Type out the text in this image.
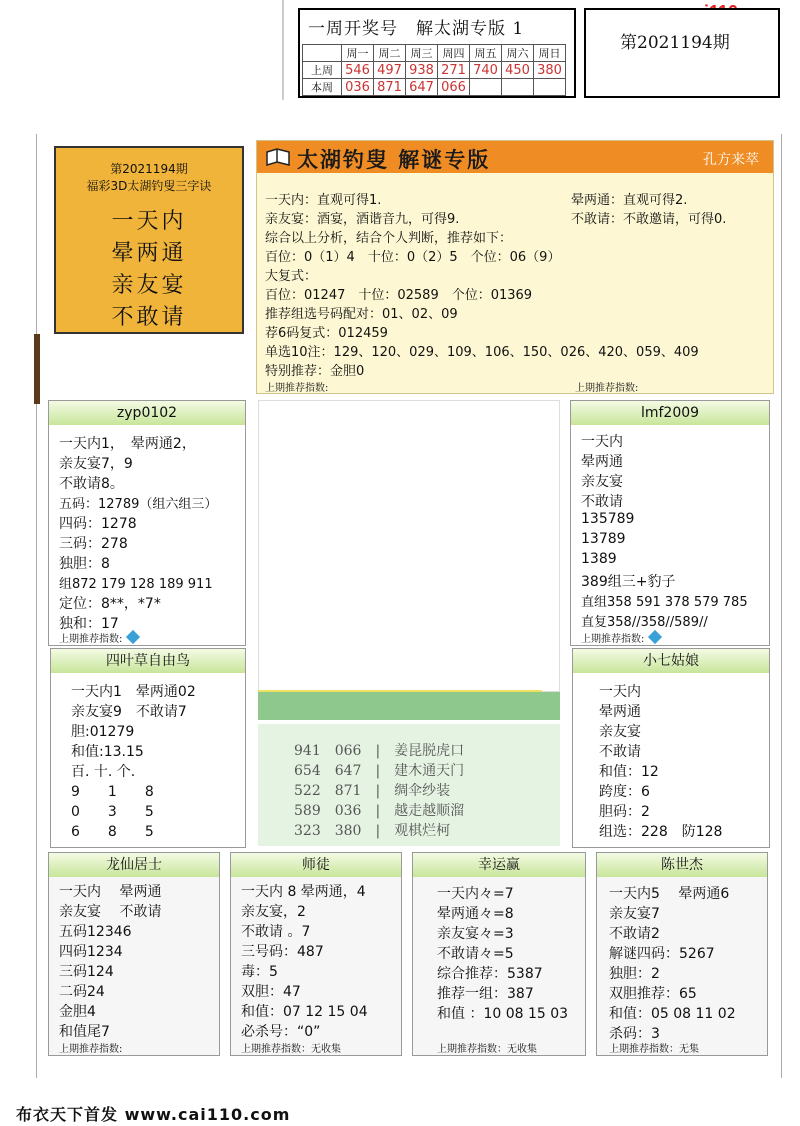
一周开奖号　解太湖专版 1
	周一	周二	周三	周四	周五	周六	周日
上周	546	497	938	271	740	450	380
本周	036	871	647	066			
第2021194期
第2021194期
福彩3D太湖钓叟三字诀
一天内
晕两通
亲友宴
不敢请
太湖钓叟 解谜专版	孔方来萃
一天内：直观可得1.
亲友宴：酒宴，酒谐音九，可得9.
综合以上分析，结合个人判断，推荐如下：
百位：0（1）4　十位：0（2）5　个位：06（9）
大复式：
百位：01247　十位：02589　个位：01369
推荐组选号码配对：01、02、09
荐6码复式：012459
单选10注：129、120、029、109、106、150、026、420、059、409
特别推荐：金胆0
晕两通：直观可得2.
不敢请：不敢邀请，可得0.
上期推荐指数:	上期推荐指数:
zyp0102
一天内1，　晕两通2，
亲友宴7，9
不敢请8。
五码：12789（组六组三）
四码：1278
三码：278
独胆：8
组872 179 128 189 911
定位：8**，*7*
独和：17
上期推荐指数:
lmf2009
一天内
晕两通
亲友宴
不敢请
135789
13789
1389
389组三+豹子
直组358 591 378 579 785
直复358//358//589//
上期推荐指数:
四叶草自由鸟
一天内1　晕两通02
亲友宴9　不敢请7
胆:01279
和值:13.15
百. 十. 个.
9　　1　　8
0　　3　　5
6　　8　　5
941　066　|　姜昆脱虎口
654　647　|　建木通天门
522　871　|　绸伞纱装
589　036　|　越走越顺溜
323　380　|　观棋烂柯
小七姑娘
一天内
晕两通
亲友宴
不敢请
和值：12
跨度：6
胆码：2
组选：228　防128
龙仙居士
一天内　 晕两通
亲友宴　 不敢请
五码12346
四码1234
三码124
二码24
金胆4
和值尾7
上期推荐指数:
师徒
一天内 8 晕两通，4
亲友宴，2
不敢请 。7
三号码：487
毒：5
双胆：47
和值：07 12 15 04
必杀号：“0”
上期推荐指数：无收集
幸运赢
一天内々=7
晕两通々=8
亲友宴々=3
不敢请々=5
综合推荐：5387
推荐一组：387
和值 ：10 08 15 03
上期推荐指数：无收集
陈世杰
一天内5　 晕两通6
亲友宴7
不敢请2
解谜四码：5267
独胆：2
双胆推荐：65
和值：05 08 11 02
杀码：3
上期推荐指数：无集
布衣天下首发 www.cai110.com
